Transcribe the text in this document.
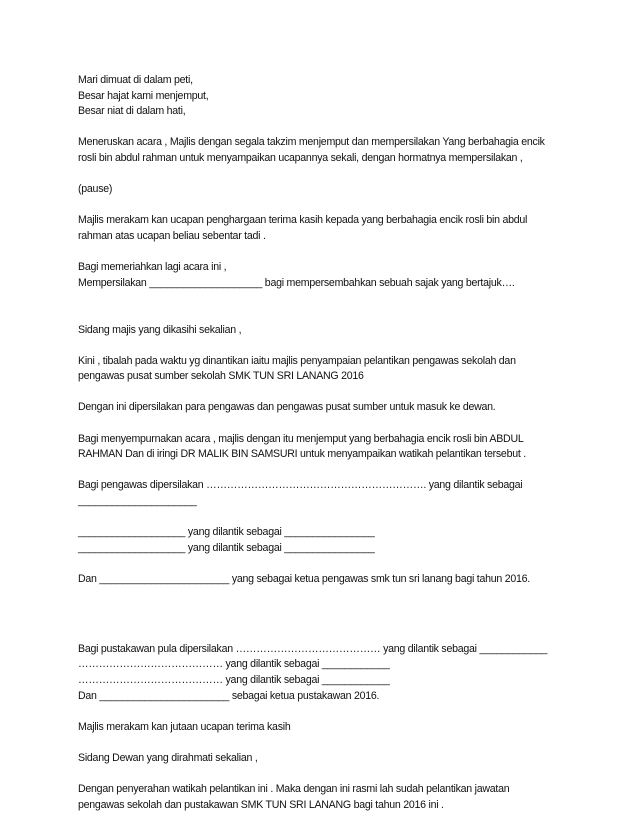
Mari dimuat di dalam peti,
Besar hajat kami menjemput,
Besar niat di dalam hati,
Meneruskan acara , Majlis dengan segala takzim menjemput dan mempersilakan Yang berbahagia encik
rosli bin abdul rahman untuk menyampaikan ucapannya sekali, dengan hormatnya mempersilakan ,
(pause)
Majlis merakam kan ucapan penghargaan terima kasih kepada yang berbahagia encik rosli bin abdul
rahman atas ucapan beliau sebentar tadi .
Bagi memeriahkan lagi acara ini ,
Mempersilakan ____________________ bagi mempersembahkan sebuah sajak yang bertajuk….
Sidang majis yang dikasihi sekalian ,
Kini , tibalah pada waktu yg dinantikan iaitu majlis penyampaian pelantikan pengawas sekolah dan
pengawas pusat sumber sekolah SMK TUN SRI LANANG 2016
Dengan ini dipersilakan para pengawas dan pengawas pusat sumber untuk masuk ke dewan.
Bagi menyempurnakan acara , majlis dengan itu menjemput yang berbahagia encik rosli bin ABDUL
RAHMAN Dan di iringi DR MALIK BIN SAMSURI untuk menyampaikan watikah pelantikan tersebut .
Bagi pengawas dipersilakan ………………………………………………………. yang dilantik sebagai
_____________________
___________________ yang dilantik sebagai ________________
___________________ yang dilantik sebagai ________________
Dan _______________________ yang sebagai ketua pengawas smk tun sri lanang bagi tahun 2016.
Bagi pustakawan pula dipersilakan …………………………………… yang dilantik sebagai ____________
…………………………………… yang dilantik sebagai ____________
…………………………………… yang dilantik sebagai ____________
Dan _______________________ sebagai ketua pustakawan 2016.
Majlis merakam kan jutaan ucapan terima kasih
Sidang Dewan yang dirahmati sekalian ,
Dengan penyerahan watikah pelantikan ini . Maka dengan ini rasmi lah sudah pelantikan jawatan
pengawas sekolah dan pustakawan SMK TUN SRI LANANG bagi tahun 2016 ini .
